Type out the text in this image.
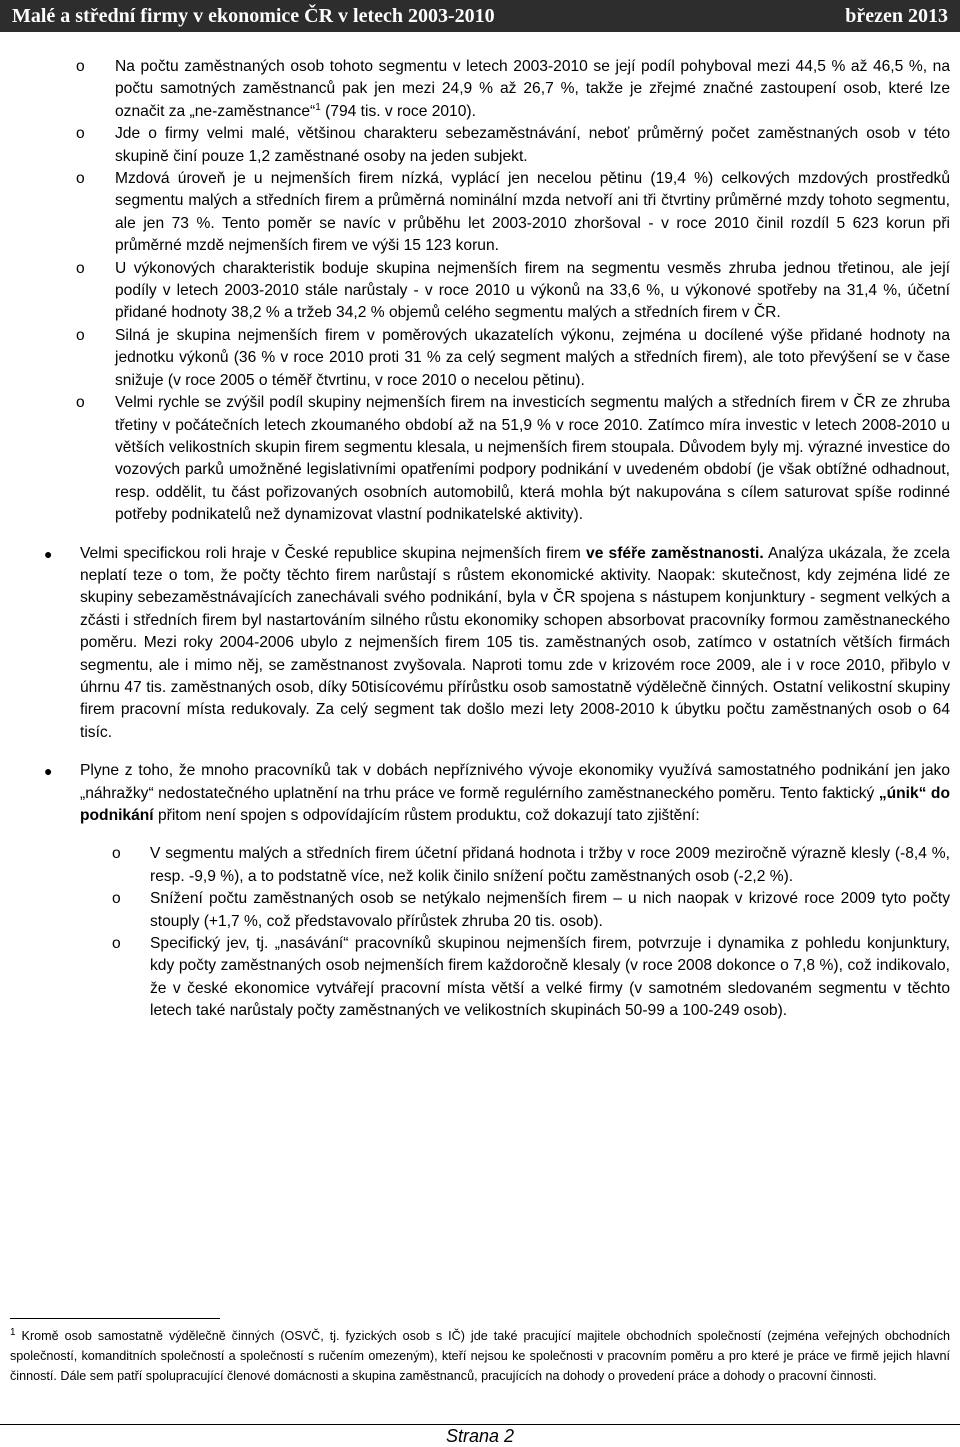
Malé a střední firmy v ekonomice ČR v letech 2003-2010	březen 2013
o Na počtu zaměstnaných osob tohoto segmentu v letech 2003-2010 se její podíl pohyboval mezi 44,5 % až 46,5 %, na počtu samotných zaměstnanců pak jen mezi 24,9 % až 26,7 %, takže je zřejmé značné zastoupení osob, které lze označit za „ne-zaměstnance“$^1$ (794 tis. v roce 2010).
o Jde o firmy velmi malé, většinou charakteru sebezaměstnávání, neboť průměrný počet zaměstnaných osob v této skupině činí pouze 1,2 zaměstnané osoby na jeden subjekt.
o Mzdová úroveň je u nejmenších firem nízká, vyplácí jen necelou pětinu (19,4 %) celkových mzdových prostředků segmentu malých a středních firem a průměrná nominální mzda netvoří ani tři čtvrtiny průměrné mzdy tohoto segmentu, ale jen 73 %. Tento poměr se navíc v průběhu let 2003-2010 zhoršoval - v roce 2010 činil rozdíl 5 623 korun při průměrné mzdě nejmenších firem ve výši 15 123 korun.
o U výkonových charakteristik boduje skupina nejmenších firem na segmentu vesměs zhruba jednou třetinou, ale její podíly v letech 2003-2010 stále narůstaly - v roce 2010 u výkonů na 33,6 %, u výkonové spotřeby na 31,4 %, účetní přidané hodnoty 38,2 % a tržeb 34,2 % objemů celého segmentu malých a středních firem v ČR.
o Silná je skupina nejmenších firem v poměrových ukazatelích výkonu, zejména u docílené výše přidané hodnoty na jednotku výkonů (36 % v roce 2010 proti 31 % za celý segment malých a středních firem), ale toto převýšení se v čase snižuje (v roce 2005 o téměř čtvrtinu, v roce 2010 o necelou pětinu).
o Velmi rychle se zvýšil podíl skupiny nejmenších firem na investicích segmentu malých a středních firem v ČR ze zhruba třetiny v počátečních letech zkoumaného období až na 51,9 % v roce 2010. Zatímco míra investic v letech 2008-2010 u větších velikostních skupin firem segmentu klesala, u nejmenších firem stoupala. Důvodem byly mj. výrazné investice do vozových parků umožněné legislativními opatřeními podpory podnikání v uvedeném období (je však obtížné odhadnout, resp. oddělit, tu část pořizovaných osobních automobilů, která mohla být nakupována s cílem saturovat spíše rodinné potřeby podnikatelů než dynamizovat vlastní podnikatelské aktivity).
● Velmi specifickou roli hraje v České republice skupina nejmenších firem ve sféře zaměstnanosti. Analýza ukázala, že zcela neplatí teze o tom, že počty těchto firem narůstají s růstem ekonomické aktivity. Naopak: skutečnost, kdy zejména lidé ze skupiny sebezaměstnávajících zanechávali svého podnikání, byla v ČR spojena s nástupem konjunktury - segment velkých a zčásti i středních firem byl nastartováním silného růstu ekonomiky schopen absorbovat pracovníky formou zaměstnaneckého poměru. Mezi roky 2004-2006 ubylo z nejmenších firem 105 tis. zaměstnaných osob, zatímco v ostatních větších firmách segmentu, ale i mimo něj, se zaměstnanost zvyšovala. Naproti tomu zde v krizovém roce 2009, ale i v roce 2010, přibylo v úhrnu 47 tis. zaměstnaných osob, díky 50tisícovému přírůstku osob samostatně výdělečně činných. Ostatní velikostní skupiny firem pracovní místa redukovaly. Za celý segment tak došlo mezi lety 2008-2010 k úbytku počtu zaměstnaných osob o 64 tisíc.
● Plyne z toho, že mnoho pracovníků tak v dobách nepříznivého vývoje ekonomiky využívá samostatného podnikání jen jako „náhražky“ nedostatečného uplatnění na trhu práce ve formě regulérního zaměstnaneckého poměru. Tento faktický „únik“ do podnikání přitom není spojen s odpovídajícím růstem produktu, což dokazují tato zjištění:
o V segmentu malých a středních firem účetní přidaná hodnota i tržby v roce 2009 meziročně výrazně klesly (-8,4 %, resp. -9,9 %), a to podstatně více, než kolik činilo snížení počtu zaměstnaných osob (-2,2 %).
o Snížení počtu zaměstnaných osob se netýkalo nejmenších firem – u nich naopak v krizové roce 2009 tyto počty stouply (+1,7 %, což představovalo přírůstek zhruba 20 tis. osob).
o Specifický jev, tj. „nasávání“ pracovníků skupinou nejmenších firem, potvrzuje i dynamika z pohledu konjunktury, kdy počty zaměstnaných osob nejmenších firem každoročně klesaly (v roce 2008 dokonce o 7,8 %), což indikovalo, že v české ekonomice vytvářejí pracovní místa větší a velké firmy (v samotném sledovaném segmentu v těchto letech také narůstaly počty zaměstnaných ve velikostních skupinách 50-99 a 100-249 osob).
$^1$ Kromě osob samostatně výdělečně činných (OSVČ, tj. fyzických osob s IČ) jde také pracující majitele obchodních společností (zejména veřejných obchodních společností, komanditních společností a společností s ručením omezeným), kteří nejsou ke společnosti v pracovním poměru a pro které je práce ve firmě jejich hlavní činností. Dále sem patří spolupracující členové domácnosti a skupina zaměstnanců, pracujících na dohody o provedení práce a dohody o pracovní činnosti.
Strana 2
